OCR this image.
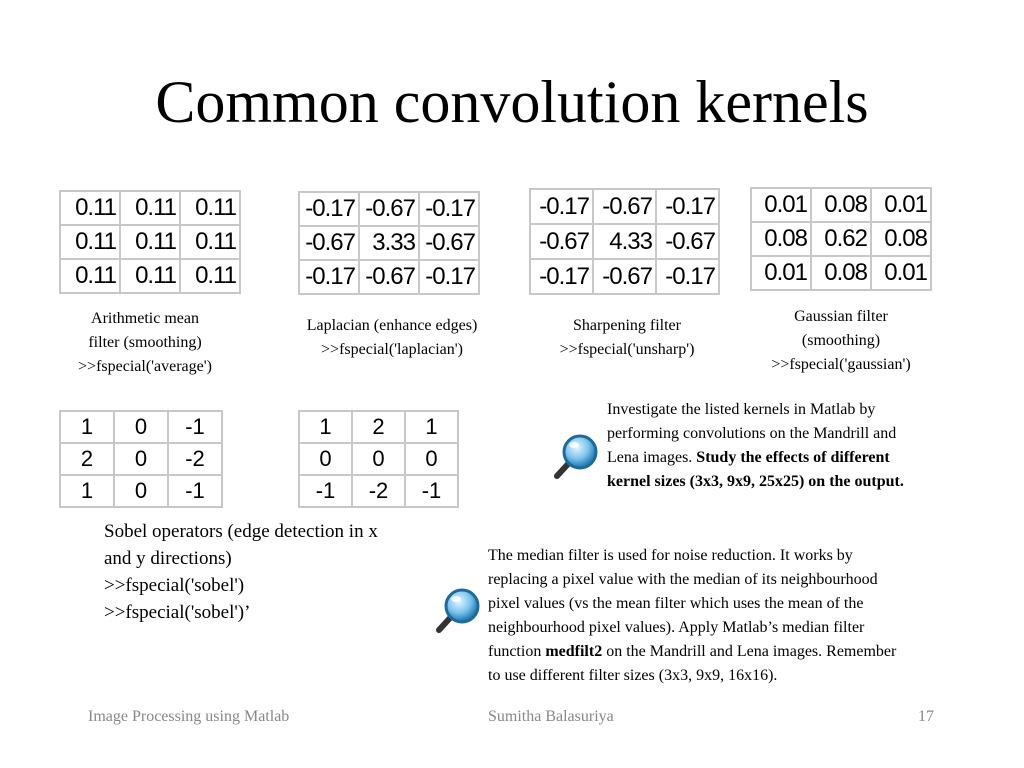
Common convolution kernels
0.11	0.11	0.11
0.11	0.11	0.11
0.11	0.11	0.11
-0.17	-0.67	-0.17
-0.67	3.33	-0.67
-0.17	-0.67	-0.17
-0.17	-0.67	-0.17
-0.67	4.33	-0.67
-0.17	-0.67	-0.17
0.01	0.08	0.01
0.08	0.62	0.08
0.01	0.08	0.01
Arithmetic mean
filter (smoothing)
>>fspecial('average')
Laplacian (enhance edges)
>>fspecial('laplacian')
Sharpening filter
>>fspecial('unsharp')
Gaussian filter
(smoothing)
>>fspecial('gaussian')
1	0	-1
2	0	-2
1	0	-1
1	2	1
0	0	0
-1	-2	-1
Sobel operators (edge detection in x
and y directions)
>>fspecial('sobel')
>>fspecial('sobel')’
Investigate the listed kernels in Matlab by
performing convolutions on the Mandrill and
Lena images. Study the effects of different
kernel sizes (3x3, 9x9, 25x25) on the output.
The median filter is used for noise reduction. It works by
replacing a pixel value with the median of its neighbourhood
pixel values (vs the mean filter which uses the mean of the
neighbourhood pixel values). Apply Matlab’s median filter
function medfilt2 on the Mandrill and Lena images. Remember
to use different filter sizes (3x3, 9x9, 16x16).
Image Processing using Matlab	Sumitha Balasuriya	17
